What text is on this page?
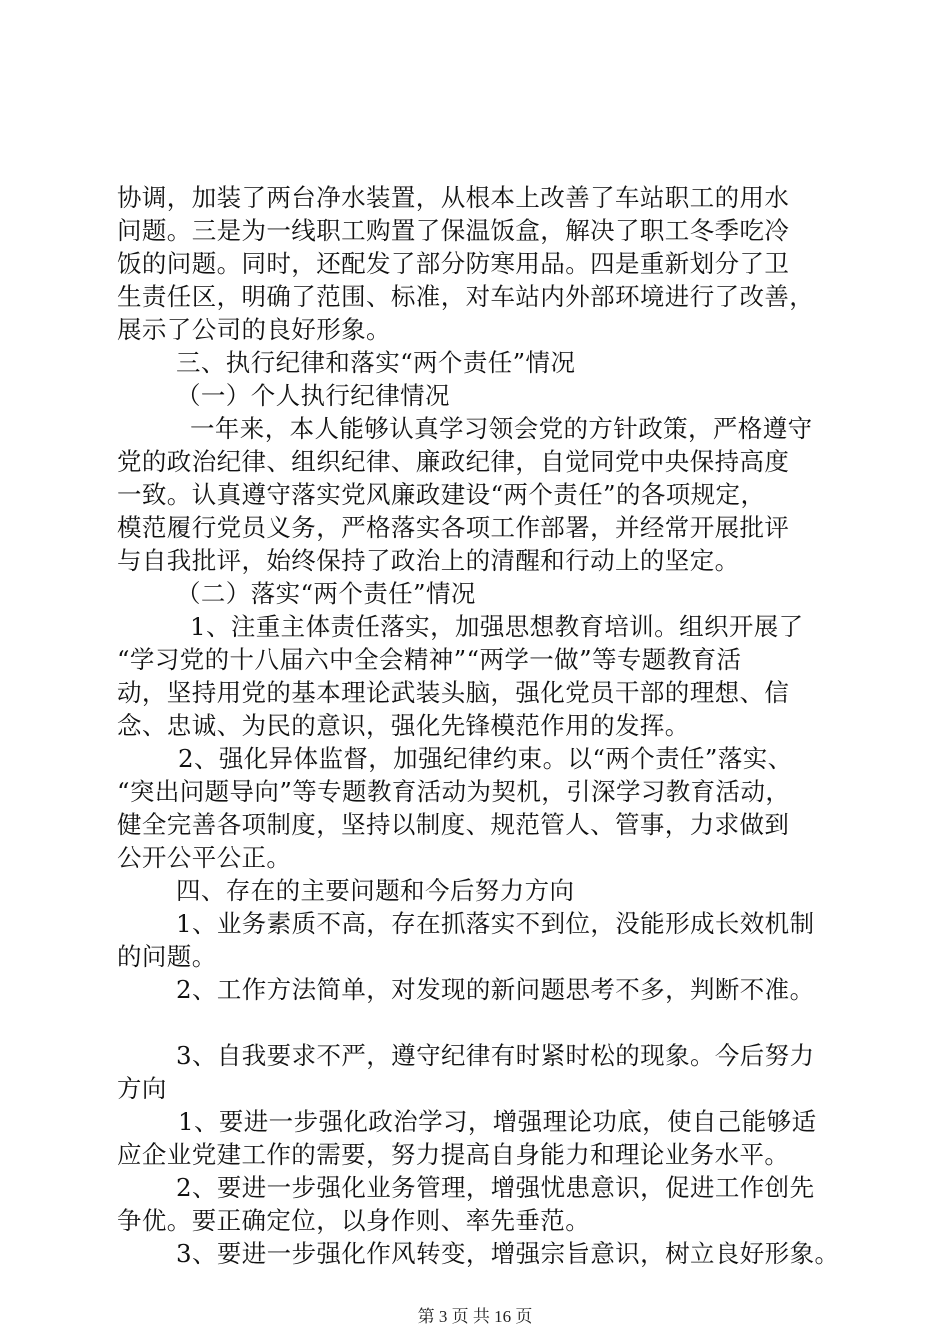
协调，加装了两台净水装置，从根本上改善了车站职工的用水
问题。三是为一线职工购置了保温饭盒，解决了职工冬季吃冷
饭的问题。同时，还配发了部分防寒用品。四是重新划分了卫
生责任区，明确了范围、标准，对车站内外部环境进行了改善，
展示了公司的良好形象。
三、执行纪律和落实“两个责任”情况
（一）个人执行纪律情况
一年来，本人能够认真学习领会党的方针政策，严格遵守
党的政治纪律、组织纪律、廉政纪律，自觉同党中央保持高度
一致。认真遵守落实党风廉政建设“两个责任”的各项规定，
模范履行党员义务，严格落实各项工作部署，并经常开展批评
与自我批评，始终保持了政治上的清醒和行动上的坚定。
（二）落实“两个责任”情况
1、注重主体责任落实，加强思想教育培训。组织开展了
“学习党的十八届六中全会精神”“两学一做”等专题教育活
动，坚持用党的基本理论武装头脑，强化党员干部的理想、信
念、忠诚、为民的意识，强化先锋模范作用的发挥。
2、强化异体监督，加强纪律约束。以“两个责任”落实、
“突出问题导向”等专题教育活动为契机，引深学习教育活动，
健全完善各项制度，坚持以制度、规范管人、管事，力求做到
公开公平公正。
四、存在的主要问题和今后努力方向
1、业务素质不高，存在抓落实不到位，没能形成长效机制
的问题。
2、工作方法简单，对发现的新问题思考不多，判断不准。
3、自我要求不严，遵守纪律有时紧时松的现象。今后努力
方向
1、要进一步强化政治学习，增强理论功底，使自己能够适
应企业党建工作的需要，努力提高自身能力和理论业务水平。
2、要进一步强化业务管理，增强忧患意识，促进工作创先
争优。要正确定位，以身作则、率先垂范。
3、要进一步强化作风转变，增强宗旨意识，树立良好形象。
第 3 页 共 16 页
